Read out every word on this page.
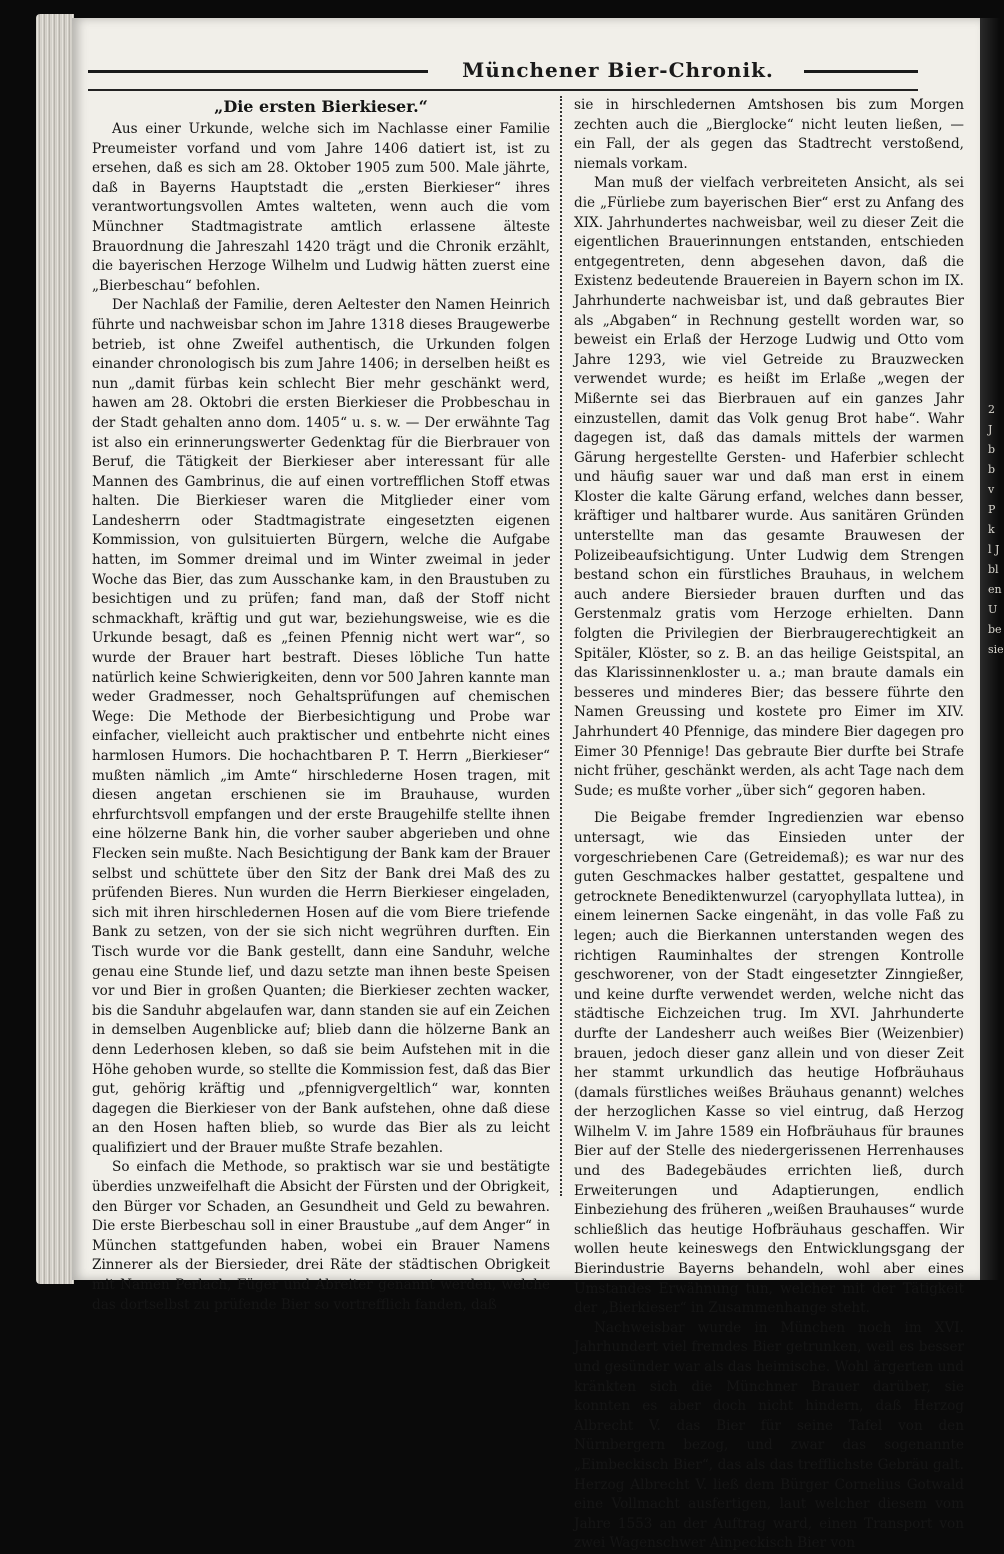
2 J b b v P k l J bl en U be sie
Münchener Bier-Chronik.
„Die ersten Bierkieser.“

Aus einer Urkunde, welche sich im Nachlasse einer Familie Preumeister vorfand und vom Jahre 1406 datiert ist, ist zu ersehen, daß es sich am 28. Oktober 1905 zum 500. Male jährte, daß in Bayerns Hauptstadt die „ersten Bierkieser“ ihres verantwortungsvollen Amtes walteten, wenn auch die vom Münchner Stadtmagistrate amtlich erlassene älteste Brauordnung die Jahreszahl 1420 trägt und die Chronik erzählt, die bayerischen Herzoge Wilhelm und Ludwig hätten zuerst eine „Bierbeschau“ befohlen.

Der Nachlaß der Familie, deren Aeltester den Namen Heinrich führte und nachweisbar schon im Jahre 1318 dieses Braugewerbe betrieb, ist ohne Zweifel authentisch, die Urkunden folgen einander chronologisch bis zum Jahre 1406; in derselben heißt es nun „damit fürbas kein schlecht Bier mehr geschänkt werd, hawen am 28. Oktobri die ersten Bierkieser die Probbeschau in der Stadt gehalten anno dom. 1405“ u. s. w. — Der erwähnte Tag ist also ein erinnerungswerter Gedenktag für die Bierbrauer von Beruf, die Tätigkeit der Bierkieser aber interessant für alle Mannen des Gambrinus, die auf einen vortrefflichen Stoff etwas halten. Die Bierkieser waren die Mitglieder einer vom Landesherrn oder Stadtmagistrate eingesetzten eigenen Kommission, von gulsituierten Bürgern, welche die Aufgabe hatten, im Sommer dreimal und im Winter zweimal in jeder Woche das Bier, das zum Ausschanke kam, in den Braustuben zu besichtigen und zu prüfen; fand man, daß der Stoff nicht schmackhaft, kräftig und gut war, beziehungsweise, wie es die Urkunde besagt, daß es „feinen Pfennig nicht wert war“, so wurde der Brauer hart bestraft. Dieses löbliche Tun hatte natürlich keine Schwierigkeiten, denn vor 500 Jahren kannte man weder Gradmesser, noch Gehaltsprüfungen auf chemischen Wege: Die Methode der Bierbesichtigung und Probe war einfacher, vielleicht auch praktischer und entbehrte nicht eines harmlosen Humors. Die hochachtbaren P. T. Herrn „Bierkieser“ mußten nämlich „im Amte“ hirschlederne Hosen tragen, mit diesen angetan erschienen sie im Brauhause, wurden ehrfurchtsvoll empfangen und der erste Braugehilfe stellte ihnen eine hölzerne Bank hin, die vorher sauber abgerieben und ohne Flecken sein mußte. Nach Besichtigung der Bank kam der Brauer selbst und schüttete über den Sitz der Bank drei Maß des zu prüfenden Bieres. Nun wurden die Herrn Bierkieser eingeladen, sich mit ihren hirschledernen Hosen auf die vom Biere triefende Bank zu setzen, von der sie sich nicht wegrühren durften. Ein Tisch wurde vor die Bank gestellt, dann eine Sanduhr, welche genau eine Stunde lief, und dazu setzte man ihnen beste Speisen vor und Bier in großen Quanten; die Bierkieser zechten wacker, bis die Sanduhr abgelaufen war, dann standen sie auf ein Zeichen in demselben Augenblicke auf; blieb dann die hölzerne Bank an denn Lederhosen kleben, so daß sie beim Aufstehen mit in die Höhe gehoben wurde, so stellte die Kommission fest, daß das Bier gut, gehörig kräftig und „pfennigvergeltlich“ war, konnten dagegen die Bierkieser von der Bank aufstehen, ohne daß diese an den Hosen haften blieb, so wurde das Bier als zu leicht qualifiziert und der Brauer mußte Strafe bezahlen.

So einfach die Methode, so praktisch war sie und bestätigte überdies unzweifelhaft die Absicht der Fürsten und der Obrigkeit, den Bürger vor Schaden, an Gesundheit und Geld zu bewahren. Die erste Bierbeschau soll in einer Braustube „auf dem Anger“ in München stattgefunden haben, wobei ein Brauer Namens Zinnerer als der Biersieder, drei Räte der städtischen Obrigkeit mit Namen Perlach, Füger und Abreiter genannt werden, welche das dortselbst zu prüfende Bier so vortrefflich fanden, daß

sie in hirschledernen Amtshosen bis zum Morgen zechten auch die „Bierglocke“ nicht leuten ließen, — ein Fall, der als gegen das Stadtrecht verstoßend, niemals vorkam.

Man muß der vielfach verbreiteten Ansicht, als sei die „Fürliebe zum bayerischen Bier“ erst zu Anfang des XIX. Jahrhundertes nachweisbar, weil zu dieser Zeit die eigentlichen Brauerinnungen entstanden, entschieden entgegentreten, denn abgesehen davon, daß die Existenz bedeutende Brauereien in Bayern schon im IX. Jahrhunderte nachweisbar ist, und daß gebrautes Bier als „Abgaben“ in Rechnung gestellt worden war, so beweist ein Erlaß der Herzoge Ludwig und Otto vom Jahre 1293, wie viel Getreide zu Brauzwecken verwendet wurde; es heißt im Erlaße „wegen der Mißernte sei das Bierbrauen auf ein ganzes Jahr einzustellen, damit das Volk genug Brot habe“. Wahr dagegen ist, daß das damals mittels der warmen Gärung hergestellte Gersten- und Haferbier schlecht und häufig sauer war und daß man erst in einem Kloster die kalte Gärung erfand, welches dann besser, kräftiger und haltbarer wurde. Aus sanitären Gründen unterstellte man das gesamte Brauwesen der Polizeibeaufsichtigung. Unter Ludwig dem Strengen bestand schon ein fürstliches Brauhaus, in welchem auch andere Biersieder brauen durften und das Gerstenmalz gratis vom Herzoge erhielten. Dann folgten die Privilegien der Bierbraugerechtigkeit an Spitäler, Klöster, so z. B. an das heilige Geistspital, an das Klarissinnenkloster u. a.; man braute damals ein besseres und minderes Bier; das bessere führte den Namen Greussing und kostete pro Eimer im XIV. Jahrhundert 40 Pfennige, das mindere Bier dagegen pro Eimer 30 Pfennige! Das gebraute Bier durfte bei Strafe nicht früher, geschänkt werden, als acht Tage nach dem Sude; es mußte vorher „über sich“ gegoren haben.

Die Beigabe fremder Ingredienzien war ebenso untersagt, wie das Einsieden unter der vorgeschriebenen Care (Getreidemaß); es war nur des guten Geschmackes halber gestattet, gespaltene und getrocknete Benediktenwurzel (caryophyllata luttea), in einem leinernen Sacke eingenäht, in das volle Faß zu legen; auch die Bierkannen unterstanden wegen des richtigen Rauminhaltes der strengen Kontrolle geschworener, von der Stadt eingesetzter Zinngießer, und keine durfte verwendet werden, welche nicht das städtische Eichzeichen trug. Im XVI. Jahrhunderte durfte der Landesherr auch weißes Bier (Weizenbier) brauen, jedoch dieser ganz allein und von dieser Zeit her stammt urkundlich das heutige Hofbräuhaus (damals fürstliches weißes Bräuhaus genannt) welches der herzoglichen Kasse so viel eintrug, daß Herzog Wilhelm V. im Jahre 1589 ein Hofbräuhaus für braunes Bier auf der Stelle des niedergerissenen Herrenhauses und des Badegebäudes errichten ließ, durch Erweiterungen und Adaptierungen, endlich Einbeziehung des früheren „weißen Brauhauses“ wurde schließlich das heutige Hofbräuhaus geschaffen. Wir wollen heute keineswegs den Entwicklungsgang der Bierindustrie Bayerns behandeln, wohl aber eines Umstandes Erwähnung tun, welcher mit der Tätigkeit der „Bierkieser“ in Zusammenhange steht.

Nachweisbar wurde in München noch im XVI. Jahrhundert viel fremdes Bier getrunken, weil es besser und gesünder war als das heimische. Wohl ärgerten und kränkten sich die Münchner Brauer darüber, sie konnten es aber doch nicht hindern, daß Herzog Albrecht V. das Bier für seine Tafel von den Nürnbergern bezog, und zwar das sogenannte „Eimbeckisch Bier“, das als das trefflichste Gebräu galt. Herzog Albrecht V. ließ dem Bürger Cornelius Gotwald eine Vollmacht ausfertigen, laut welcher diesem vom Jahre 1553 an der Auftrag ward, einen Transport von zwei Wagenschwer Ainpeckisch Bier von
